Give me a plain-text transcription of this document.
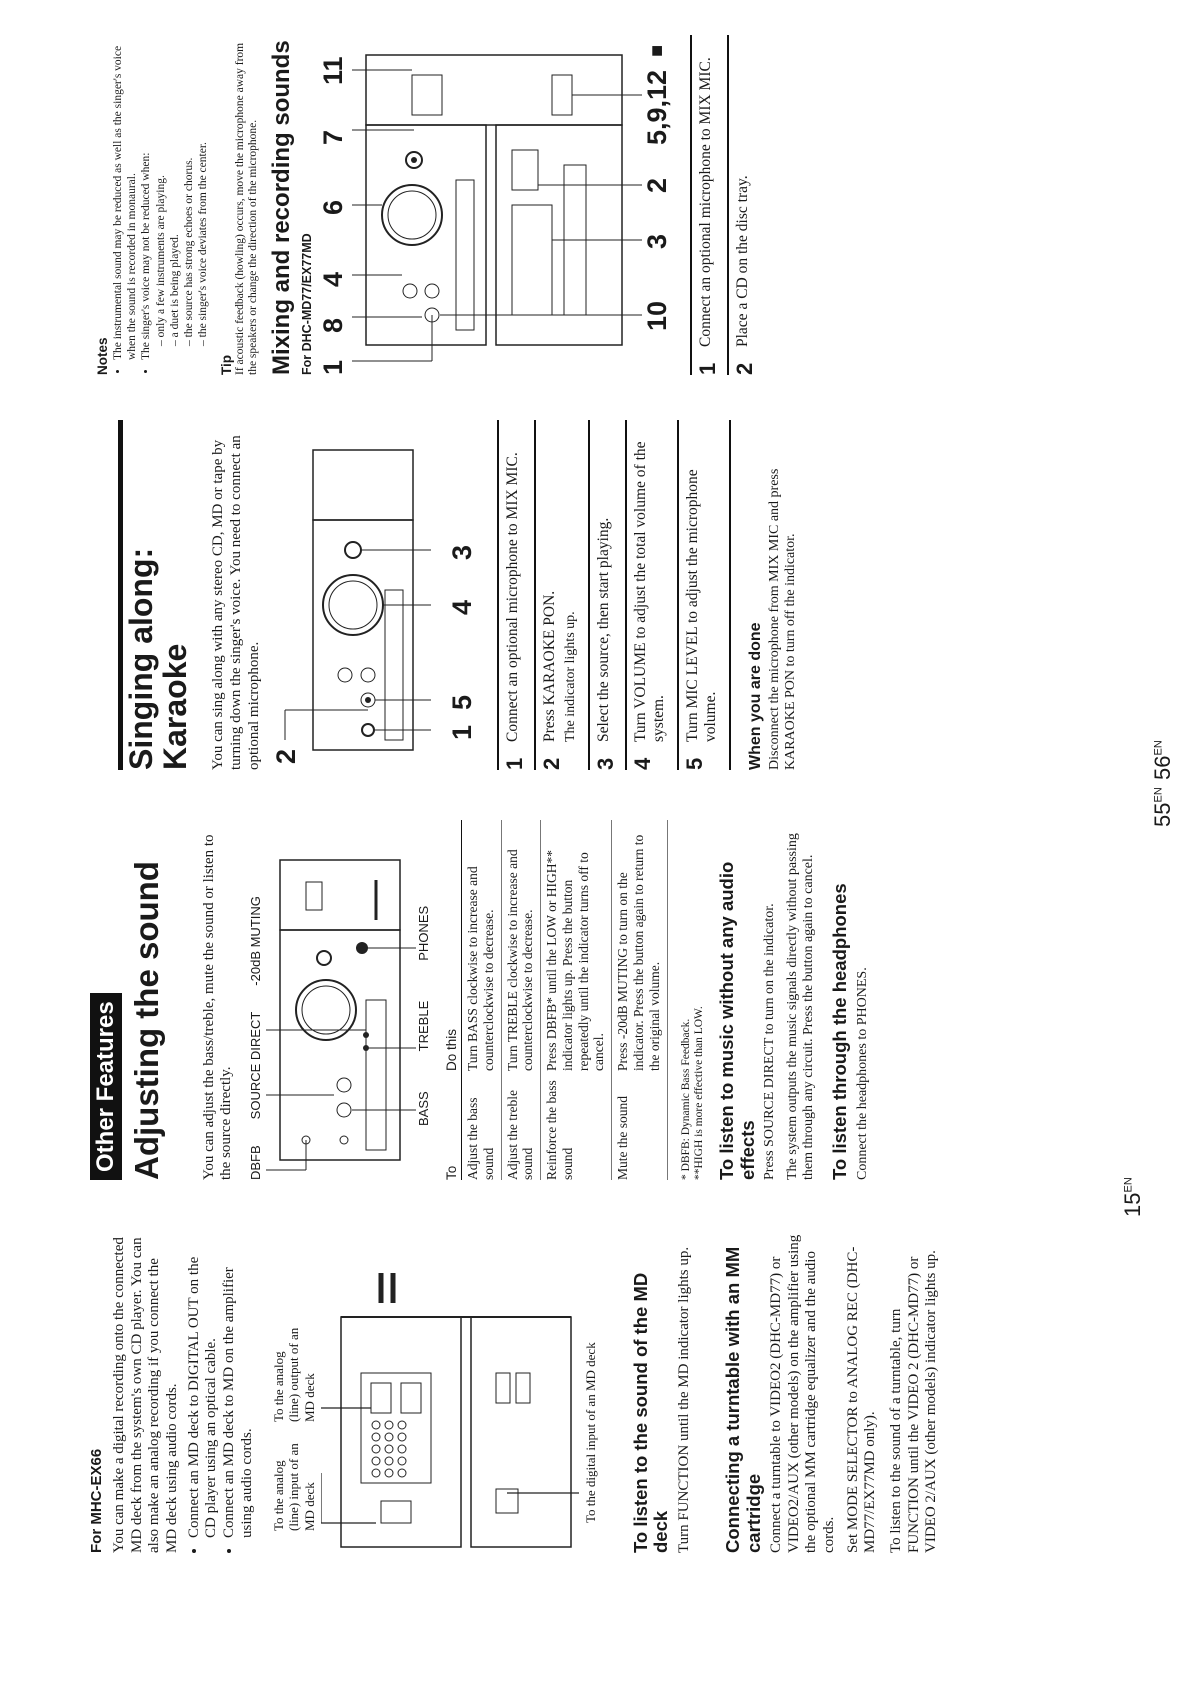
For MHC-EX66 You can make a digital recording onto the connected MD deck from the system's own CD player. You can also make an analog recording if you connect the MD deck using audio cords. • Connect an MD deck to DIGITAL OUT on the CD player using an optical cable. • Connect an MD deck to MD on the amplifier using audio cords. To the analog (line) input of an MD deck
To the analog (line) output of an MD deck	To the digital input of an MD deck To listen to the sound of the MD deck Turn FUNCTION until the MD indicator lights up. Connecting a turntable with an MM cartridge Connect a turntable to VIDEO2 (DHC-MD77) or VIDEO2/AUX (other models) on the amplifier using the optional MM cartridge equalizer and the audio cords. Set MODE SELECTOR to ANALOG REC (DHC-MD77/EX77MD only). To listen to the sound of a turntable, turn FUNCTION until the VIDEO 2 (DHC-MD77) or VIDEO 2/AUX (other models) indicator lights up.

Other Features Adjusting the sound You can adjust the bass/treble, mute the sound or listen to the source directly. DBFB
SOURCE DIRECT
-20dB MUTING
BASS
TREBLE
PHONES
To	Do this
Adjust the bass sound	Turn BASS clockwise to increase and counterclockwise to decrease.
Adjust the treble sound	Turn TREBLE clockwise to increase and counterclockwise to decrease.
Reinforce the bass sound	Press DBFB* until the LOW or HIGH** indicator lights up. Press the button repeatedly until the indicator turns off to cancel.
Mute the sound	Press -20dB MUTING to turn on the indicator. Press the button again to return to the original volume.

* DBFB: Dynamic Bass Feedback. **HIGH is more effective than LOW. To listen to music without any audio effects Press SOURCE DIRECT to turn on the indicator. The system outputs the music signals directly without passing them through any circuit. Press the button again to cancel. To listen through the headphones Connect the headphones to PHONES.

Singing along: Karaoke You can sing along with any stereo CD, MD or tape by turning down the singer's voice. You need to connect an optional microphone. 2
1
5
4
3
1
Connect an optional microphone to MIX MIC.
2
Press KARAOKE PON. The indicator lights up.
3
Select the source, then start playing.
4
Turn VOLUME to adjust the total volume of the system.
5
Turn MIC LEVEL to adjust the microphone volume. When you are done Disconnect the microphone from MIX MIC and press KARAOKE PON to turn off the indicator.

Notes • The instrumental sound may be reduced as well as the singer's voice when the sound is recorded in monaural. • The singer's voice may not be reduced when: – only a few instruments are playing. – a duet is being played. – the source has strong echoes or chorus. – the singer's voice deviates from the center.
Tip If acoustic feedback (howling) occurs, move the microphone away from the speakers or change the direction of the microphone. Mixing and recording sounds For DHC-MD77/EX77MD 1
8
4
6
7
11
10
3
2
5,9,12
■
1
Connect an optional microphone to MIX MIC.
2
Place a CD on the disc tray.
$15^{EN}$
$55^{EN}$
$56^{EN}$
